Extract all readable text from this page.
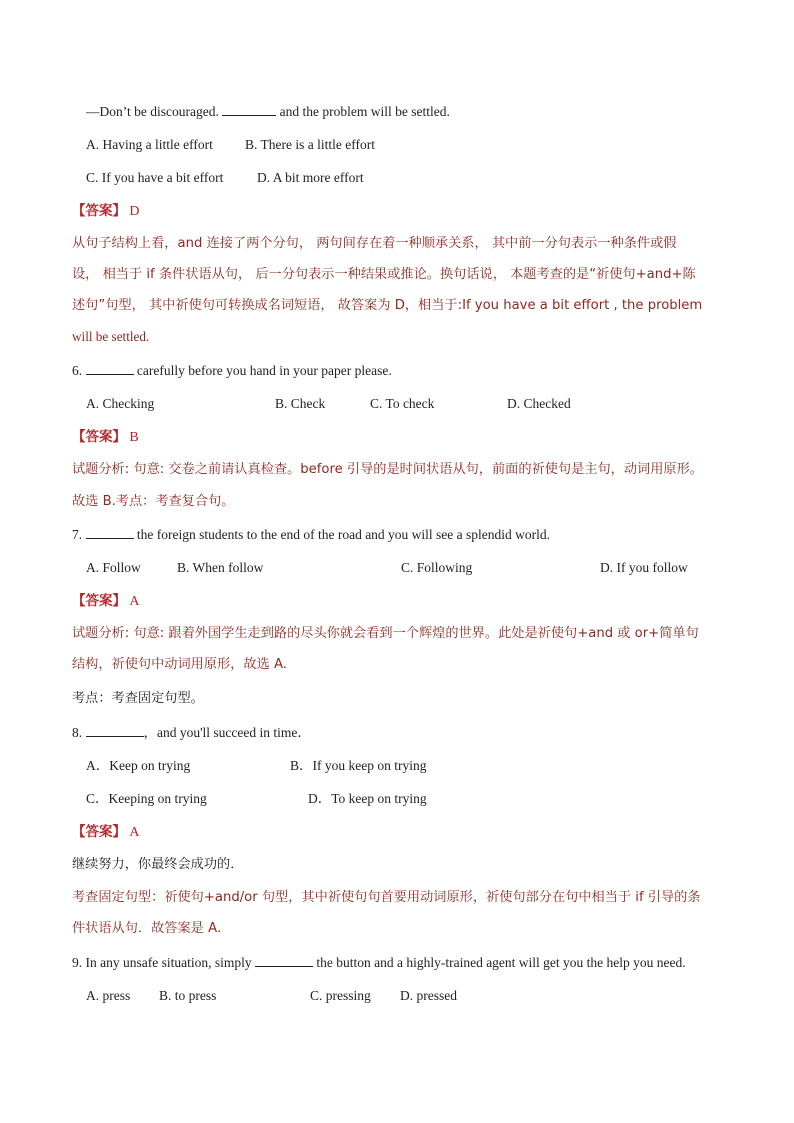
—Don’t be discouraged.	and the problem will be settled.
A. Having a little effort B. There is a little effort
C. If you have a bit effort D. A bit more effort
【答案】 D
从句子结构上看，and 连接了两个分句， 两句间存在着一种顺承关系， 其中前一分句表示一种条件或假
设， 相当于 if 条件状语从句， 后一分句表示一种结果或推论。换句话说， 本题考查的是“祈使句+and+陈
述句”句型， 其中祈使句可转换成名词短语， 故答案为 D，相当于:If you have a bit effort , the problem
will be settled.
6.	carefully before you hand in your paper please.
A. Checking	B. Check	C. To check	D. Checked
【答案】 B
试题分析: 句意: 交卷之前请认真检查。before 引导的是时间状语从句，前面的祈使句是主句，动词用原形。
故选 B.考点：考查复合句。
7.	the foreign students to the end of the road and you will see a splendid world.
A. Follow	B. When follow	C. Following	D. If you follow
【答案】 A
试题分析: 句意: 跟着外国学生走到路的尽头你就会看到一个辉煌的世界。此处是祈使句+and 或 or+简单句
结构，祈使句中动词用原形，故选 A.
考点：考查固定句型。
8.	，and you'll succeed in time．
A．Keep on trying	B．If you keep on trying
C．Keeping on trying	D．To keep on trying
【答案】 A
继续努力，你最终会成功的．
考查固定句型：祈使句+and/or 句型，其中祈使句句首要用动词原形，祈使句部分在句中相当于 if 引导的条
件状语从句．故答案是 A．
9. In any unsafe situation, simply	the button and a highly-trained agent will get you the help you need.
A. press B. to press	C. pressing D. pressed
